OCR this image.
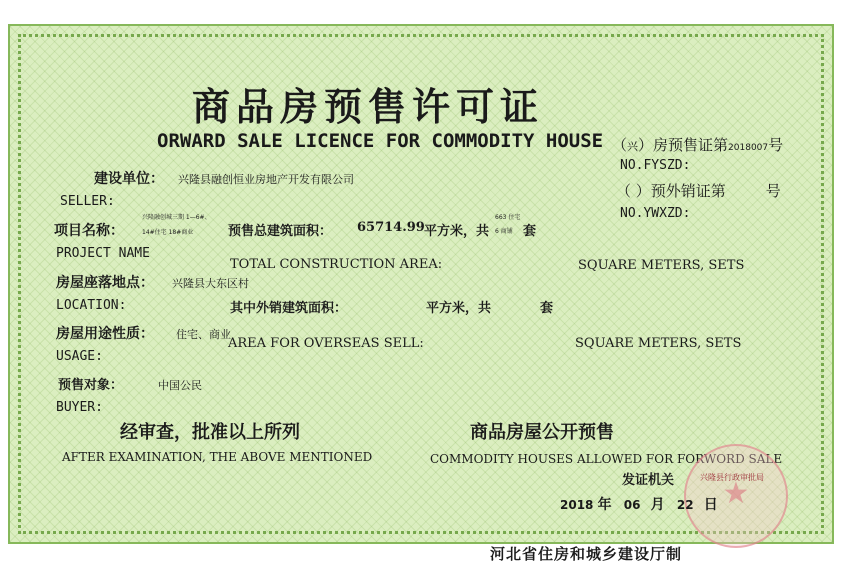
商品房预售许可证
ORWARD SALE LICENCE FOR COMMODITY HOUSE （兴）房预售证第2018007号
NO.FYSZD:
（ ）预外销证第	号
NO.YWXZD:
建设单位： 兴隆县融创恒业房地产开发有限公司
SELLER:
项目名称：
兴隆融创城三期 1—6#、
14#住宅 18#商业
PROJECT NAME
预售总建筑面积： 65714.99 平方米，共
663 住宅
6 商铺 套
TOTAL CONSTRUCTION AREA:	SQUARE METERS, SETS
房屋座落地点： 兴隆县大东区村
LOCATION:	其中外销建筑面积：	平方米，共	套
AREA FOR OVERSEAS SELL:	SQUARE METERS, SETS
房屋用途性质： 住宅、商业
USAGE:
预售对象：	中国公民
BUYER:
经审查，批准以上所列	商品房屋公开预售
AFTER EXAMINATION, THE ABOVE MENTIONED	COMMODITY HOUSES ALLOWED FOR FORWORD SALE
★
兴隆县行政审批局
发证机关
2018 年 06 月 22 日
河北省住房和城乡建设厅制
